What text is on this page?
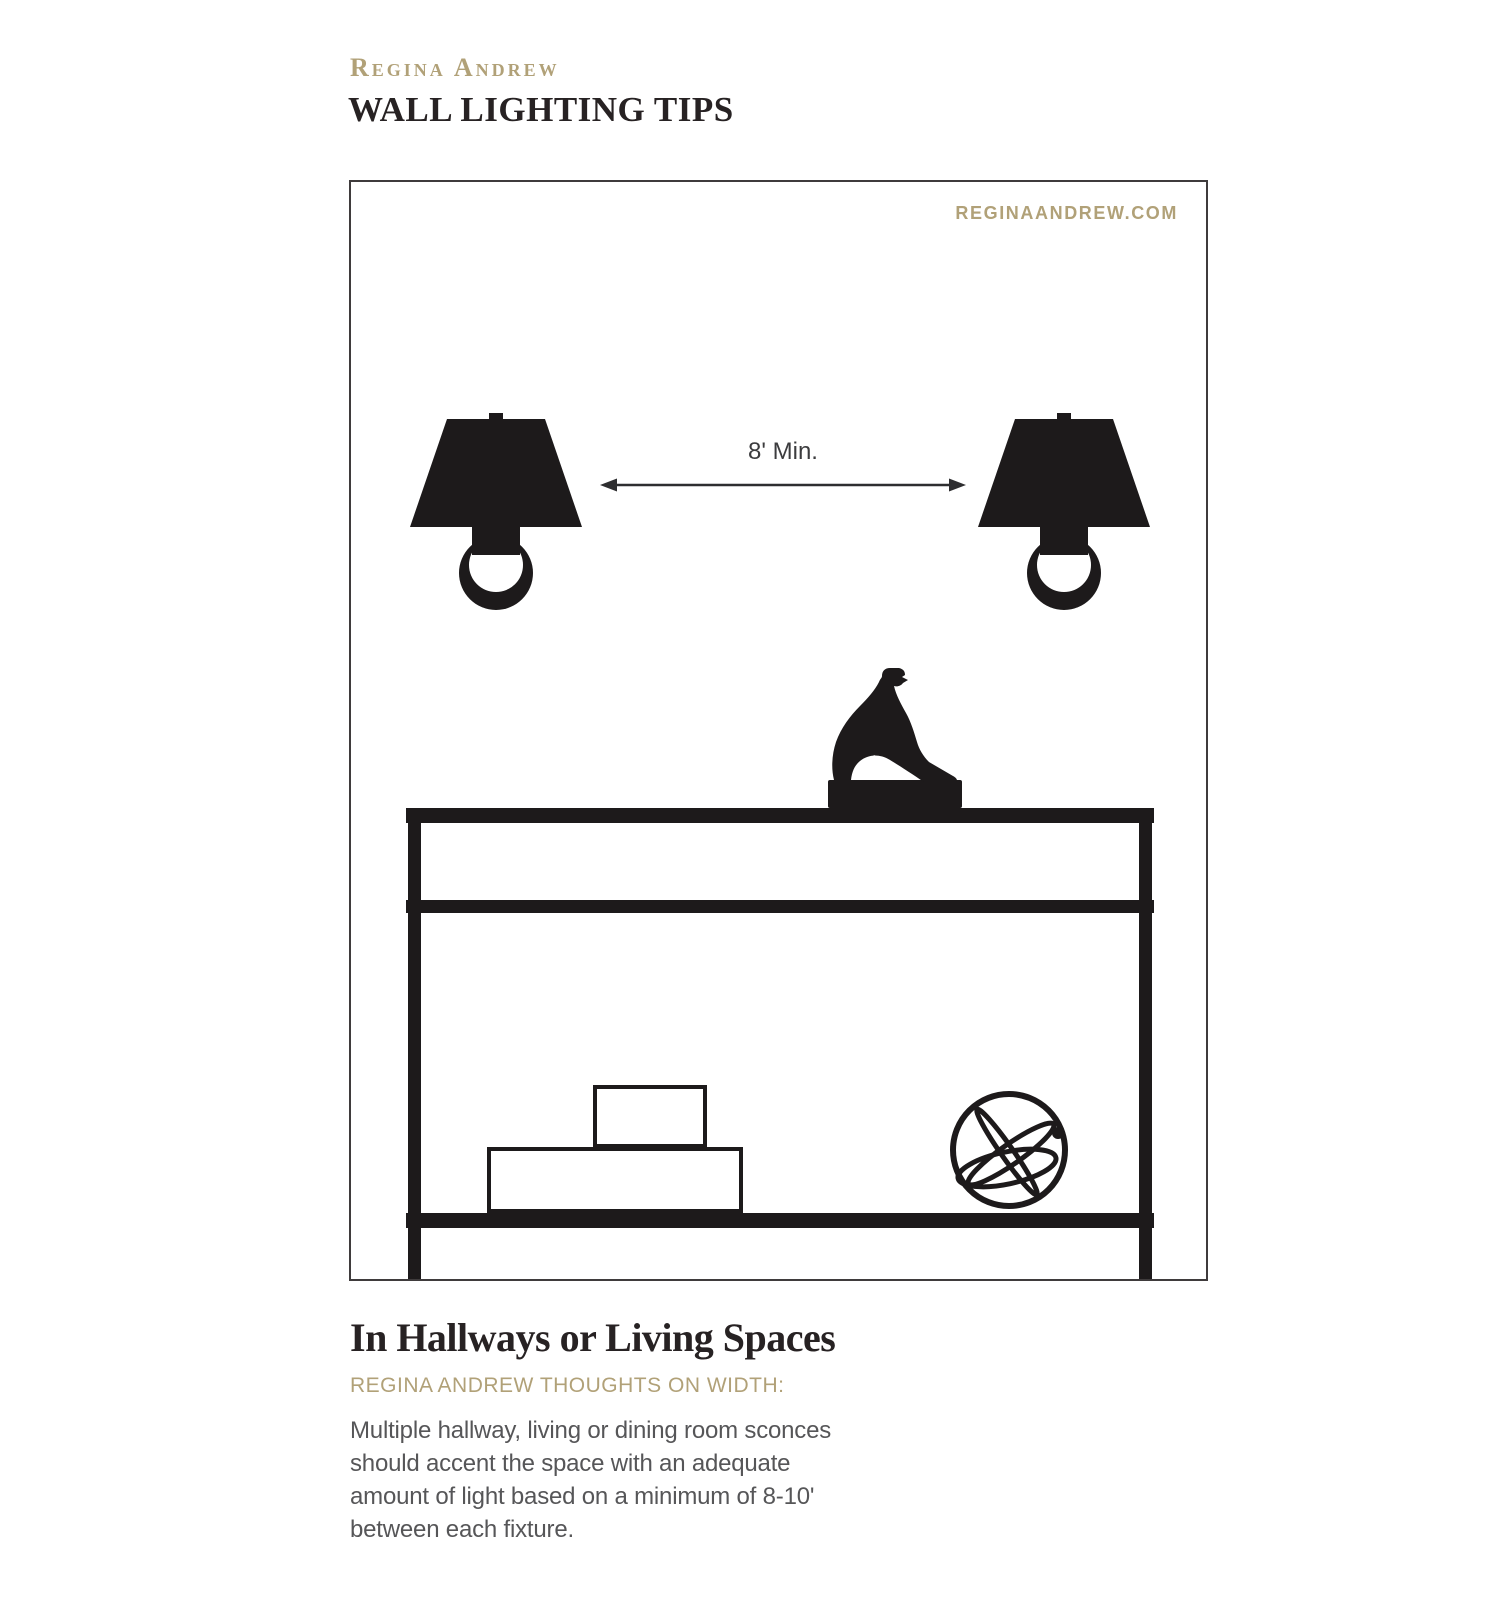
Regina Andrew
WALL LIGHTING TIPS
REGINAANDREW.COM
8' Min.
In Hallways or Living Spaces
REGINA ANDREW THOUGHTS ON WIDTH:
Multiple hallway, living or dining room sconces
should accent the space with an adequate
amount of light based on a minimum of 8-10'
between each fixture.
